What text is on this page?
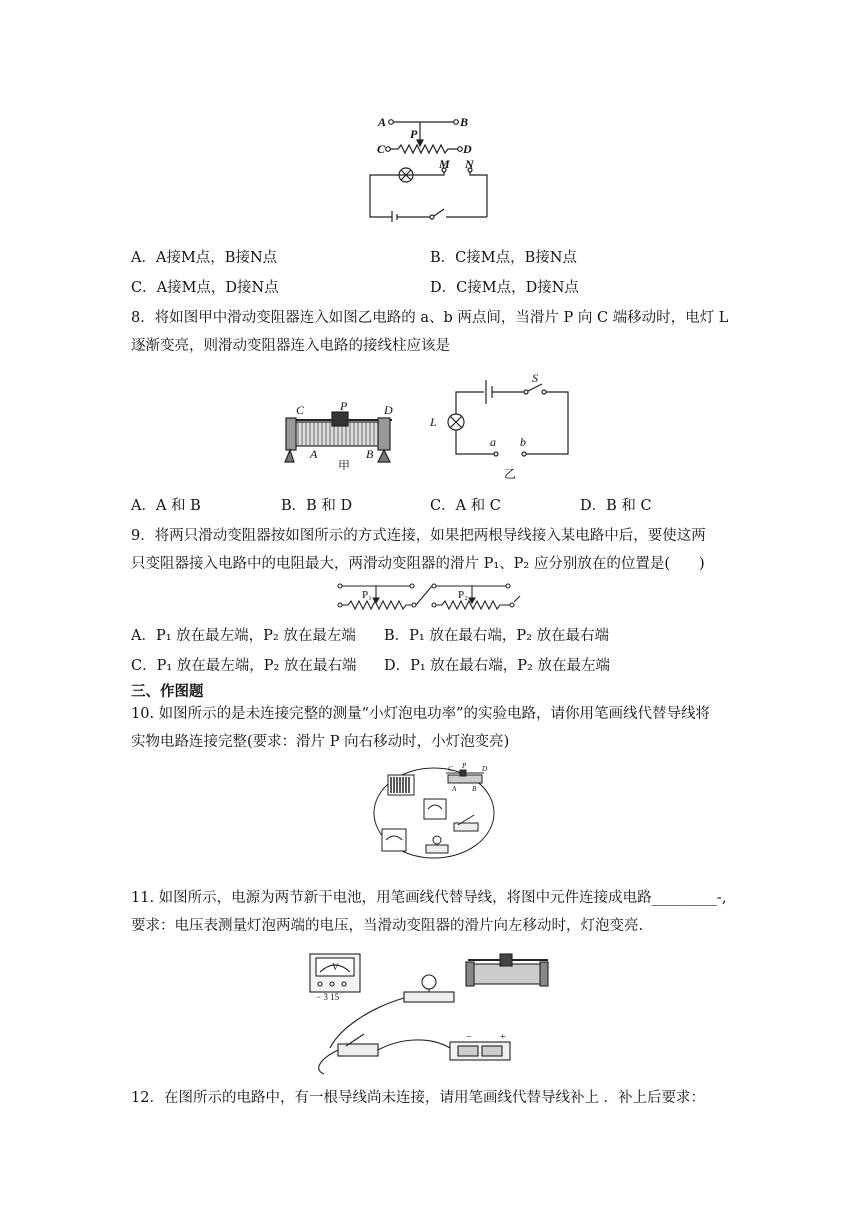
A	B
P
C	D
M N
A．A接M点，B接N点	B．C接M点，B接N点
C．A接M点，D接N点	D．C接M点，D接N点
8．将如图甲中滑动变阻器连入如图乙电路的 a、b 两点间，当滑片 P 向 C 端移动时，电灯 L
逐渐变亮，则滑动变阻器连入电路的接线柱应该是
C	P	D
A	B
甲
S
L
a b
乙
A．A 和 B	B．B 和 D	C．A 和 C	D．B 和 C
9．将两只滑动变阻器按如图所示的方式连接，如果把两根导线接入某电路中后，要使这两
只变阻器接入电路中的电阻最大，两滑动变阻器的滑片 P₁、P₂ 应分别放在的位置是(　　)
P₁	P₂
A．P₁ 放在最左端，P₂ 放在最左端 B．P₁ 放在最右端，P₂ 放在最右端
C．P₁ 放在最左端，P₂ 放在最右端 D．P₁ 放在最右端，P₂ 放在最左端
三、作图题
10. 如图所示的是未连接完整的测量“小灯泡电功率”的实验电路，请你用笔画线代替导线将
实物电路连接完整(要求：滑片 P 向右移动时，小灯泡变亮)
C P D
A B
11. 如图所示，电源为两节新干电池，用笔画线代替导线，将图中元件连接成电路_________-,
要求：电压表测量灯泡两端的电压，当滑动变阻器的滑片向左移动时，灯泡变亮.
V
− 3 15
−	+
12．在图所示的电路中，有一根导线尚未连接，请用笔画线代替导线补上 ．补上后要求：
